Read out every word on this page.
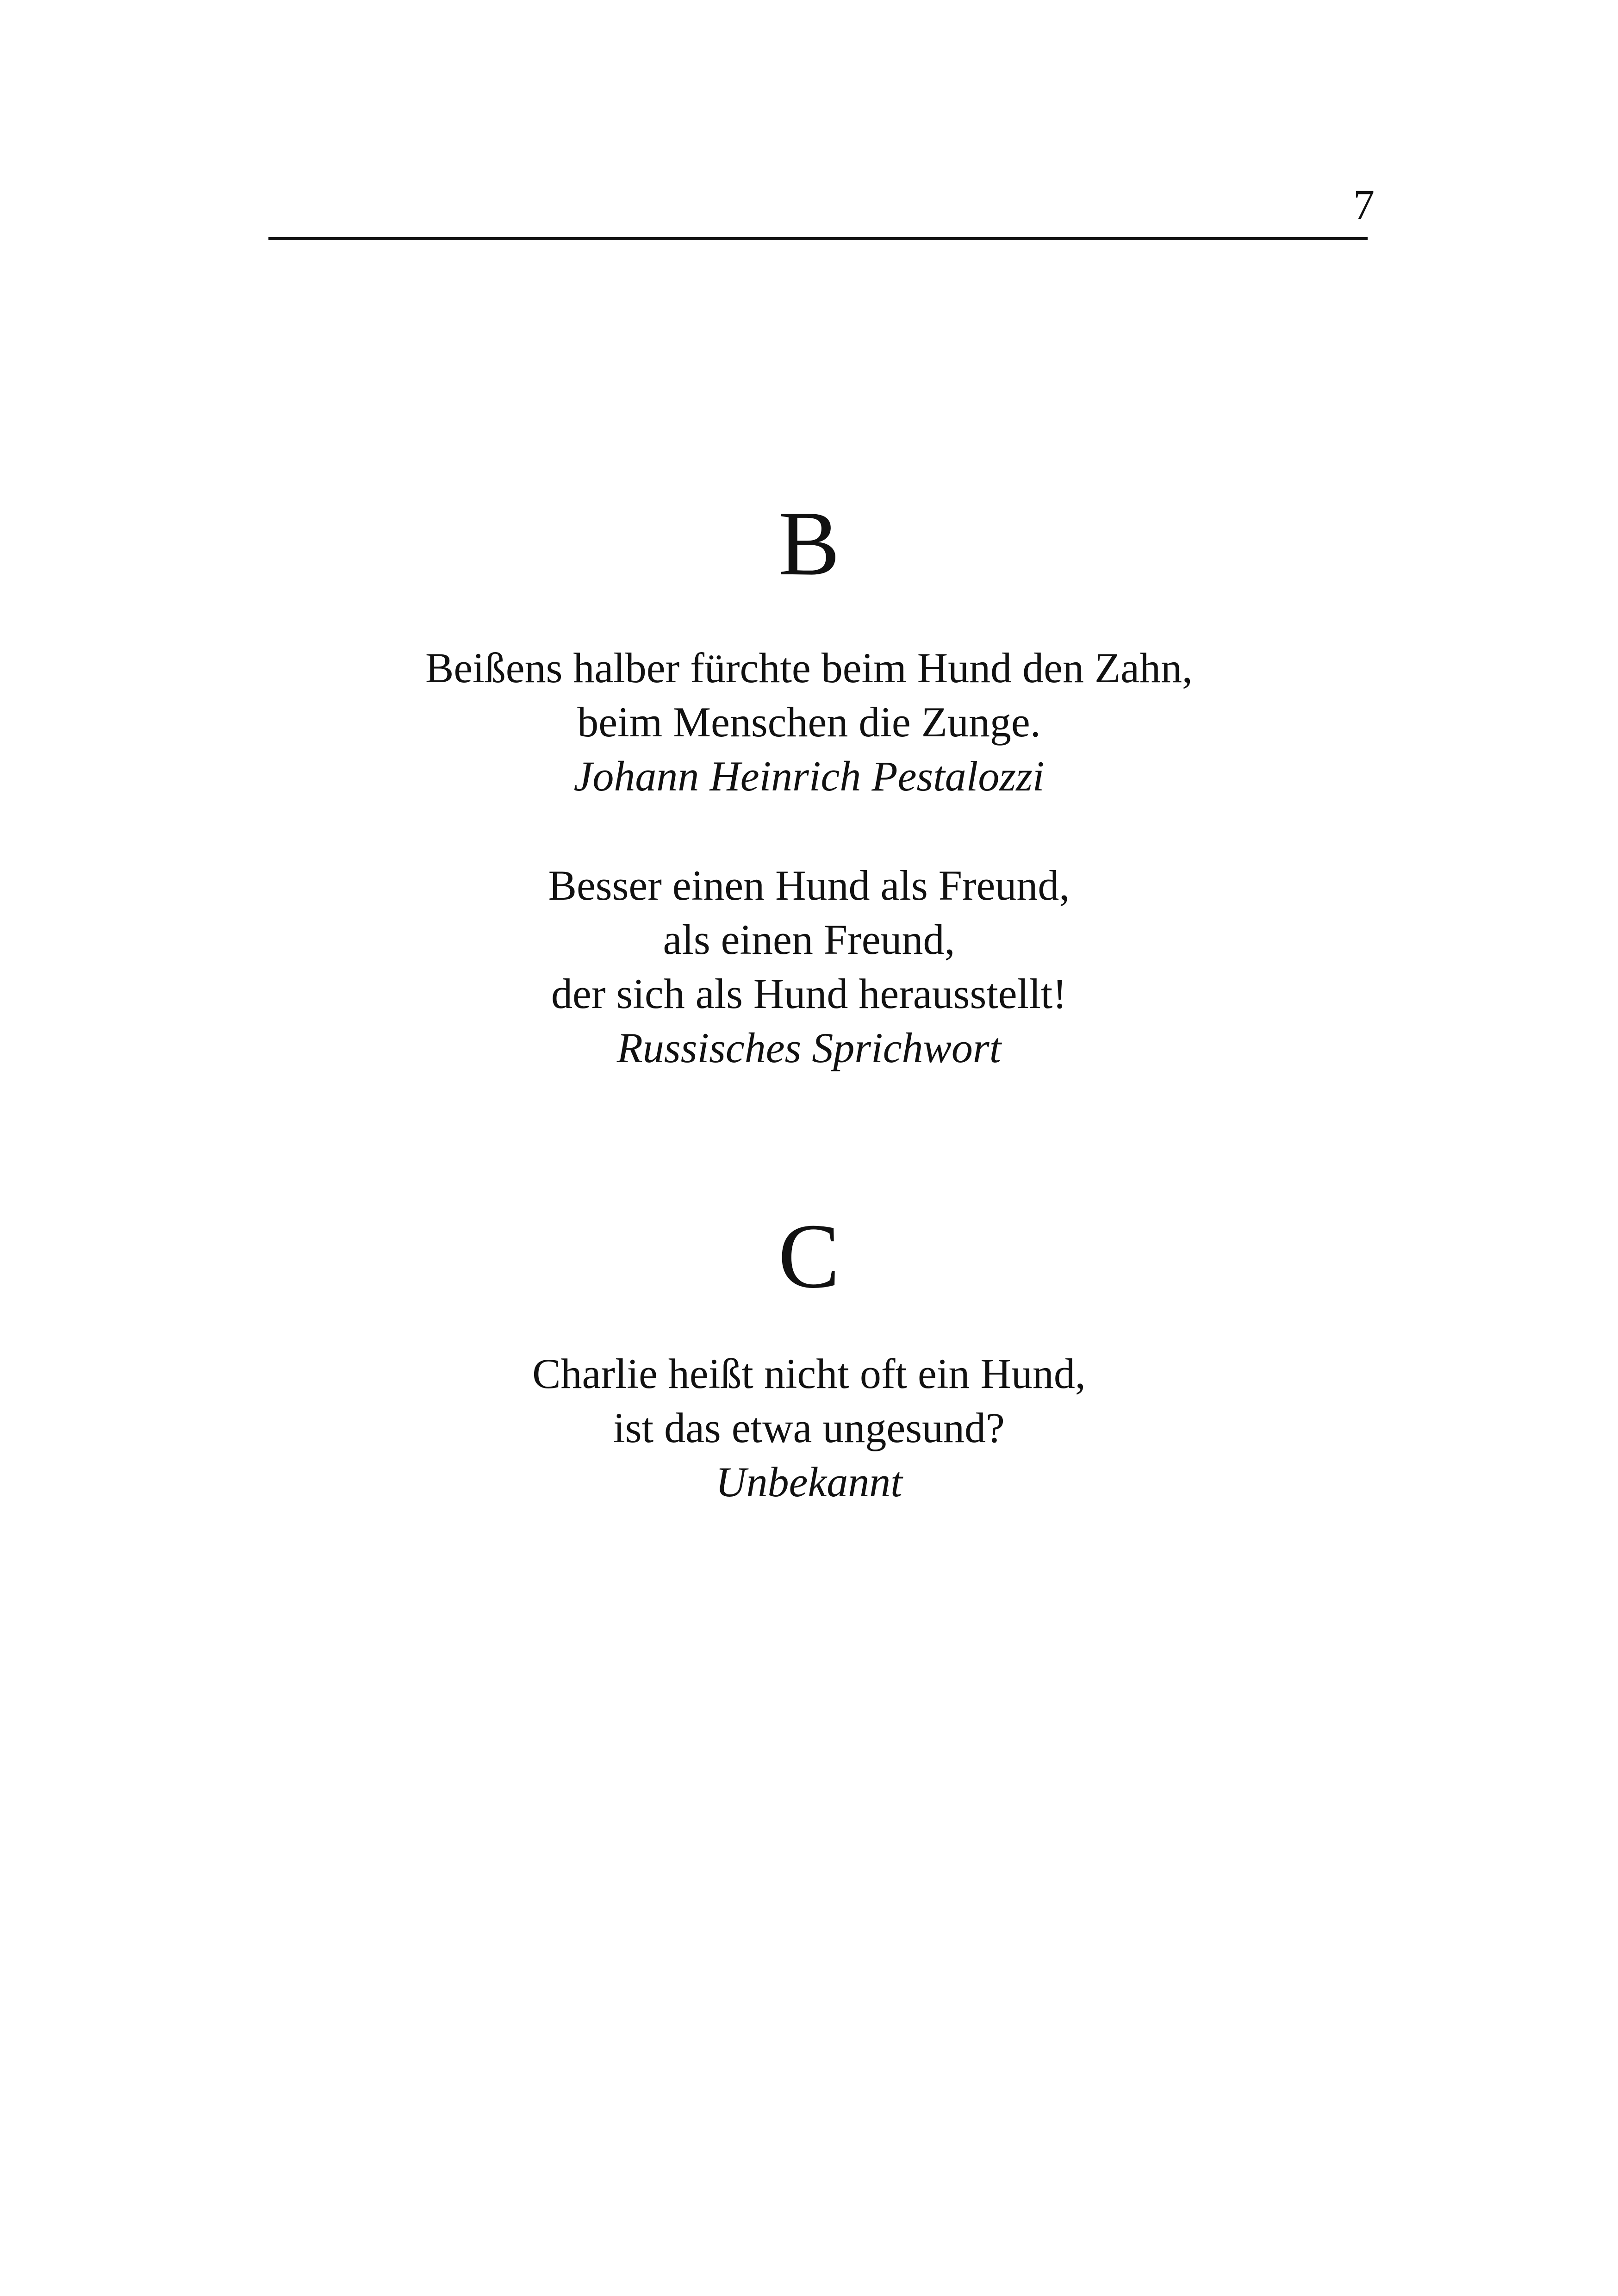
7
B
Beißens halber fürchte beim Hund den Zahn,
beim Menschen die Zunge.
Johann Heinrich Pestalozzi
Besser einen Hund als Freund,
als einen Freund,
der sich als Hund herausstellt!
Russisches Sprichwort
C
Charlie heißt nicht oft ein Hund,
ist das etwa ungesund?
Unbekannt
